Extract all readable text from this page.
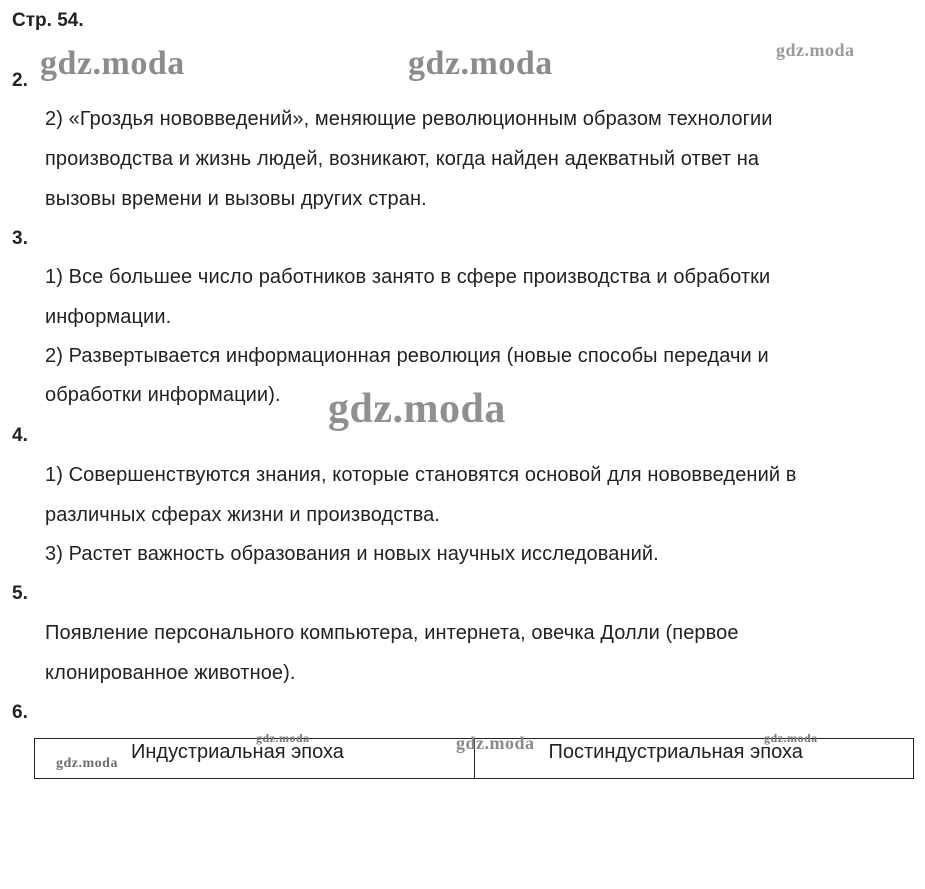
Стр. 54.
gdz.moda	gdz.moda	gdz.moda
gdz.moda
2.
2) «Гроздья нововведений», меняющие революционным образом технологии
производства и жизнь людей, возникают, когда найден адекватный ответ на
вызовы времени и вызовы других стран.
3.
1) Все большее число работников занято в сфере производства и обработки
информации.
2) Развертывается информационная революция (новые способы передачи и
обработки информации).
4.
1) Совершенствуются знания, которые становятся основой для нововведений в
различных сферах жизни и производства.
3) Растет важность образования и новых научных исследований.
5.
Появление персонального компьютера, интернета, овечка Долли (первое
клонированное животное).
6.
Индустриальная эпоха	Постиндустриальная эпоха
gdz.moda
gdz.moda	gdz.moda	gdz.moda
